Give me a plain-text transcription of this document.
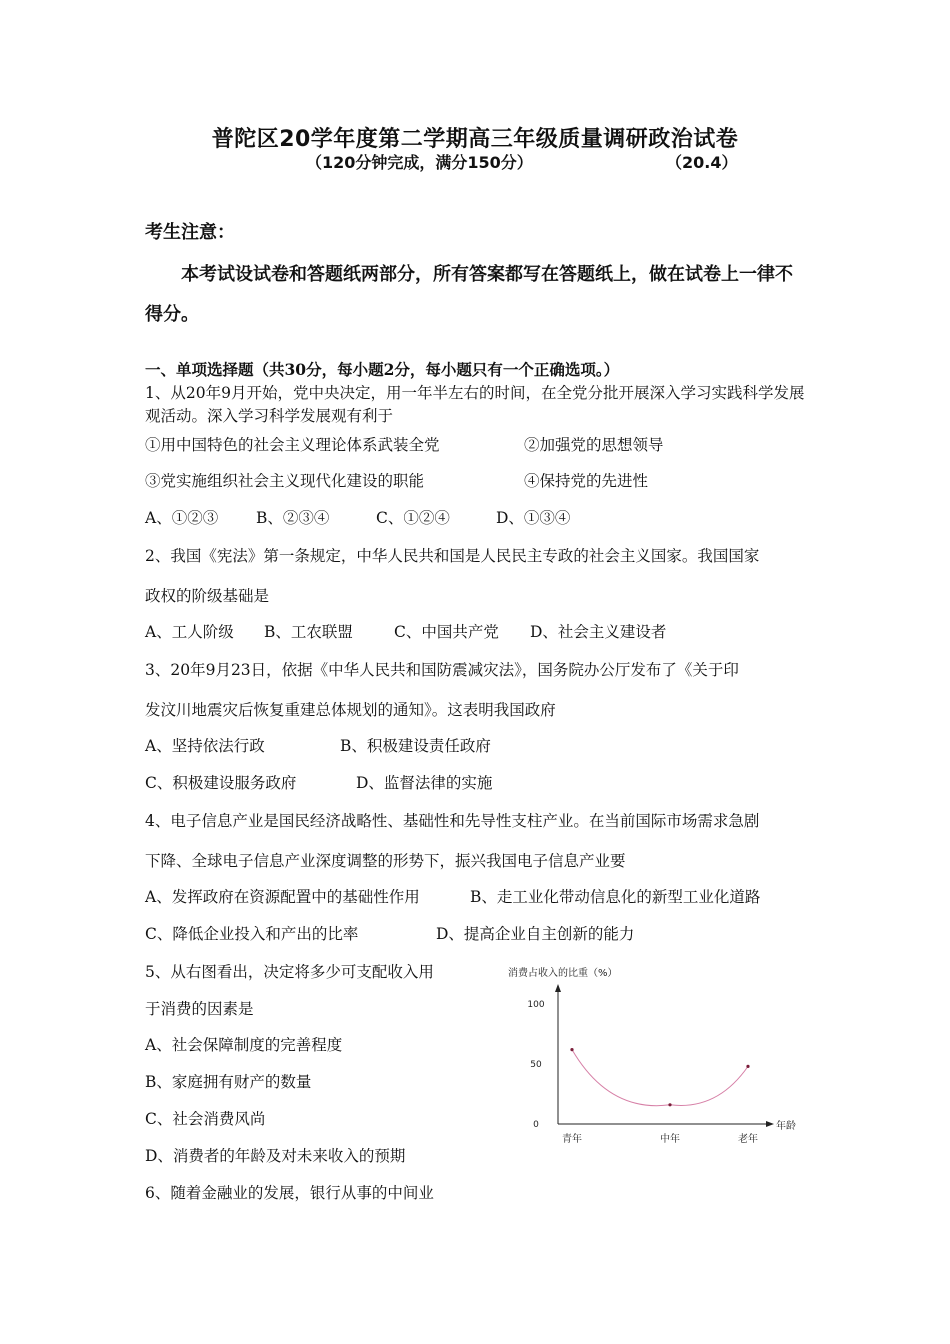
普陀区20学年度第二学期高三年级质量调研政治试卷
（120分钟完成，满分150分）	（20.4）
考生注意：
本考试设试卷和答题纸两部分，所有答案都写在答题纸上，做在试卷上一律不得分。
一、单项选择题（共30分，每小题2分，每小题只有一个正确选项。）
1、从20年9月开始，党中央决定，用一年半左右的时间，在全党分批开展深入学习实践科学发展观活动。深入学习科学发展观有利于
①用中国特色的社会主义理论体系武装全党	②加强党的思想领导
③党实施组织社会主义现代化建设的职能	④保持党的先进性
A、①②③ B、②③④	C、①②④	D、①③④
2、我国《宪法》第一条规定，中华人民共和国是人民民主专政的社会主义国家。我国国家
政权的阶级基础是
A、工人阶级 B、工农联盟	C、中国共产党 D、社会主义建设者
3、20年9月23日，依据《中华人民共和国防震减灾法》，国务院办公厅发布了《关于印
发汶川地震灾后恢复重建总体规划的通知》。这表明我国政府
A、坚持依法行政	B、积极建设责任政府
C、积极建设服务政府	D、监督法律的实施
4、电子信息产业是国民经济战略性、基础性和先导性支柱产业。在当前国际市场需求急剧
下降、全球电子信息产业深度调整的形势下，振兴我国电子信息产业要
A、发挥政府在资源配置中的基础性作用	B、走工业化带动信息化的新型工业化道路
C、降低企业投入和产出的比率	D、提高企业自主创新的能力
5、从右图看出，决定将多少可支配收入用
于消费的因素是
A、社会保障制度的完善程度
B、家庭拥有财产的数量
C、社会消费风尚
D、消费者的年龄及对未来收入的预期
6、随着金融业的发展，银行从事的中间业
消费占收入的比重（%）
年龄
100
50
0
青年	中年	老年
